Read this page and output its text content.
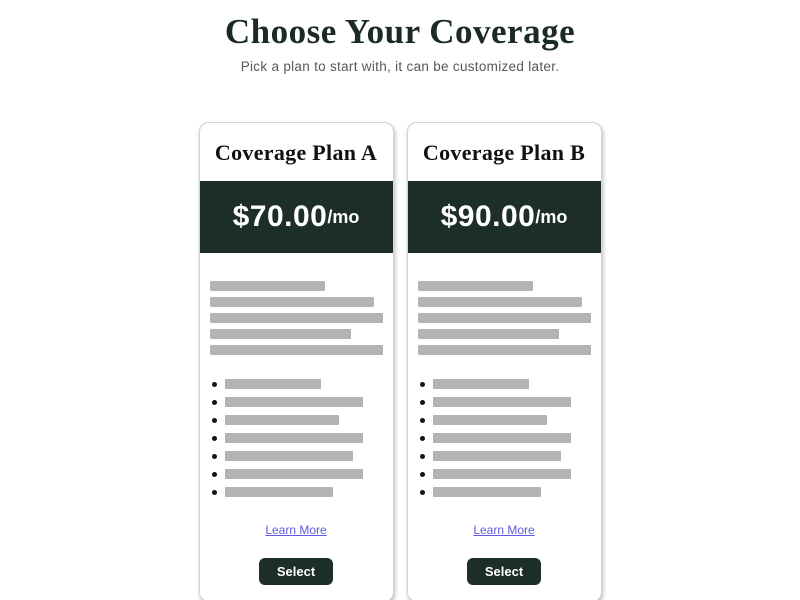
Choose Your Coverage

Pick a plan to start with, it can be customized later.

Coverage Plan A
$70.00 /mo
Learn More
Select
Coverage Plan B
$90.00 /mo
Learn More
Select
